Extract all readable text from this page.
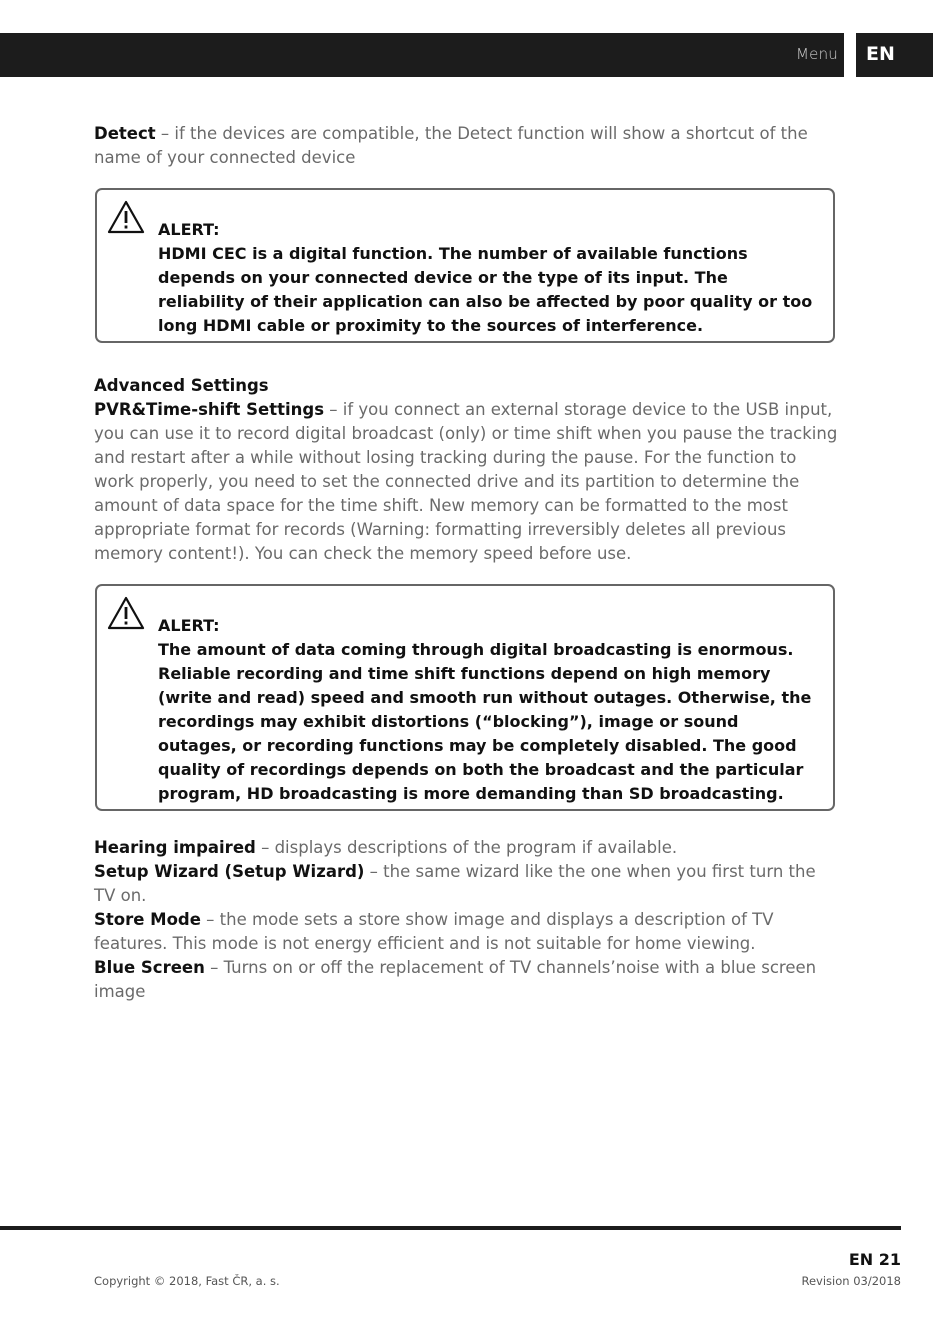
Menu EN
Detect – if the devices are compatible, the Detect function will show a shortcut of the name of your connected device
ALERT:
HDMI CEC is a digital function. The number of available functions depends on your connected device or the type of its input. The reliability of their application can also be affected by poor quality or too long HDMI cable or proximity to the sources of interference.
Advanced Settings
PVR&Time-shift Settings – if you connect an external storage device to the USB input, you can use it to record digital broadcast (only) or time shift when you pause the tracking and restart after a while without losing tracking during the pause. For the function to work properly, you need to set the connected drive and its partition to determine the amount of data space for the time shift. New memory can be formatted to the most appropriate format for records (Warning: formatting irreversibly deletes all previous memory content!). You can check the memory speed before use.
ALERT:
The amount of data coming through digital broadcasting is enormous. Reliable recording and time shift functions depend on high memory (write and read) speed and smooth run without outages. Otherwise, the recordings may exhibit distortions (“blocking”), image or sound outages, or recording functions may be completely disabled. The good quality of recordings depends on both the broadcast and the particular program, HD broadcasting is more demanding than SD broadcasting.
Hearing impaired – displays descriptions of the program if available.
Setup Wizard (Setup Wizard) – the same wizard like the one when you first turn the TV on.
Store Mode – the mode sets a store show image and displays a description of TV features. This mode is not energy efficient and is not suitable for home viewing.
Blue Screen – Turns on or off the replacement of TV channels’noise with a blue screen image
EN 21
Copyright © 2018, Fast ČR, a. s.	Revision 03/2018
